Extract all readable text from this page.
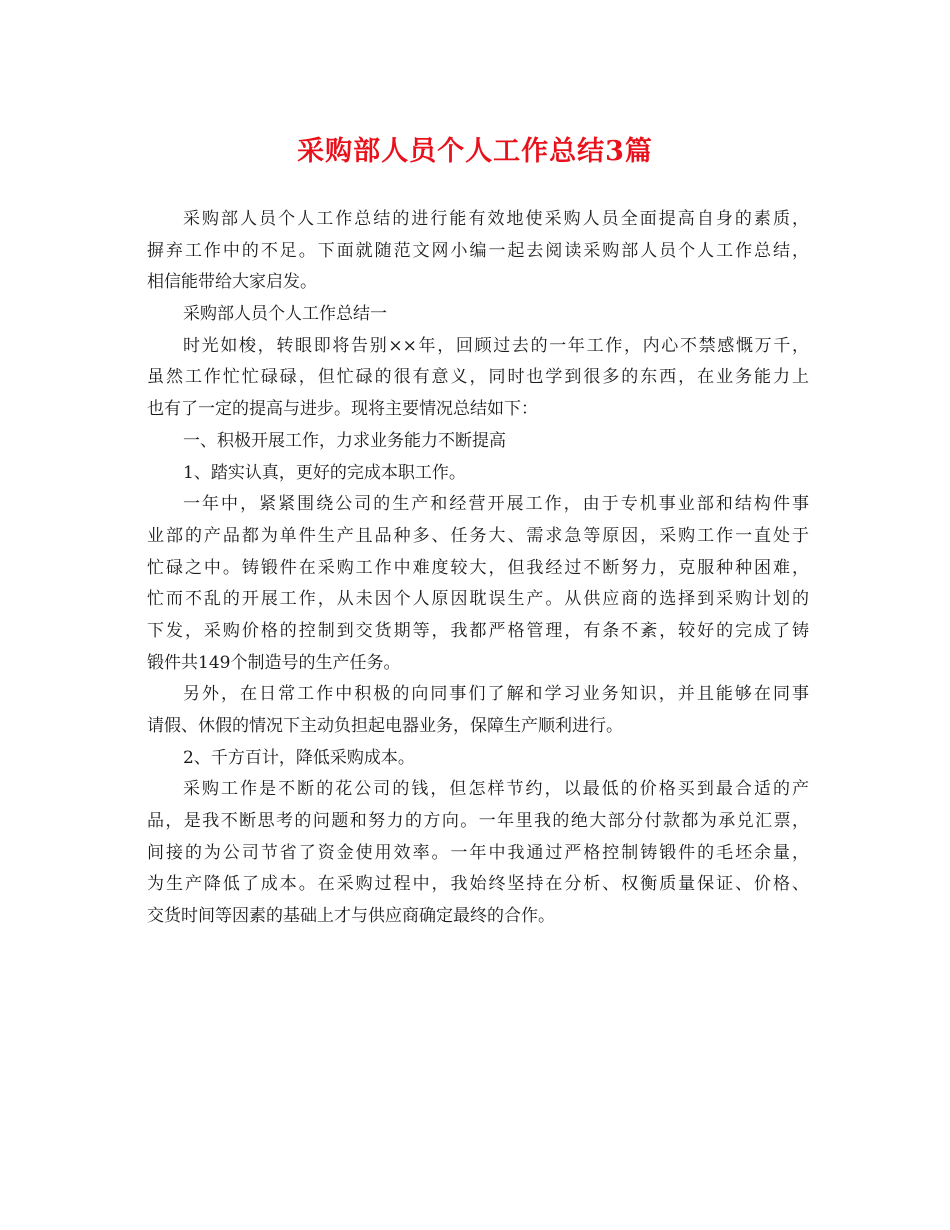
采购部人员个人工作总结3篇

采购部人员个人工作总结的进行能有效地使采购人员全面提高自身的素质，

摒弃工作中的不足。下面就随范文网小编一起去阅读采购部人员个人工作总结，

相信能带给大家启发。

采购部人员个人工作总结一

时光如梭，转眼即将告别××年，回顾过去的一年工作，内心不禁感慨万千，

虽然工作忙忙碌碌，但忙碌的很有意义，同时也学到很多的东西，在业务能力上

也有了一定的提高与进步。现将主要情况总结如下：

一、积极开展工作，力求业务能力不断提高

1、踏实认真，更好的完成本职工作。

一年中，紧紧围绕公司的生产和经营开展工作，由于专机事业部和结构件事

业部的产品都为单件生产且品种多、任务大、需求急等原因，采购工作一直处于

忙碌之中。铸锻件在采购工作中难度较大，但我经过不断努力，克服种种困难，

忙而不乱的开展工作，从未因个人原因耽误生产。从供应商的选择到采购计划的

下发，采购价格的控制到交货期等，我都严格管理，有条不紊，较好的完成了铸

锻件共149个制造号的生产任务。

另外，在日常工作中积极的向同事们了解和学习业务知识，并且能够在同事

请假、休假的情况下主动负担起电器业务，保障生产顺利进行。

2、千方百计，降低采购成本。

采购工作是不断的花公司的钱，但怎样节约，以最低的价格买到最合适的产

品，是我不断思考的问题和努力的方向。一年里我的绝大部分付款都为承兑汇票，

间接的为公司节省了资金使用效率。一年中我通过严格控制铸锻件的毛坯余量，

为生产降低了成本。在采购过程中，我始终坚持在分析、权衡质量保证、价格、

交货时间等因素的基础上才与供应商确定最终的合作。
